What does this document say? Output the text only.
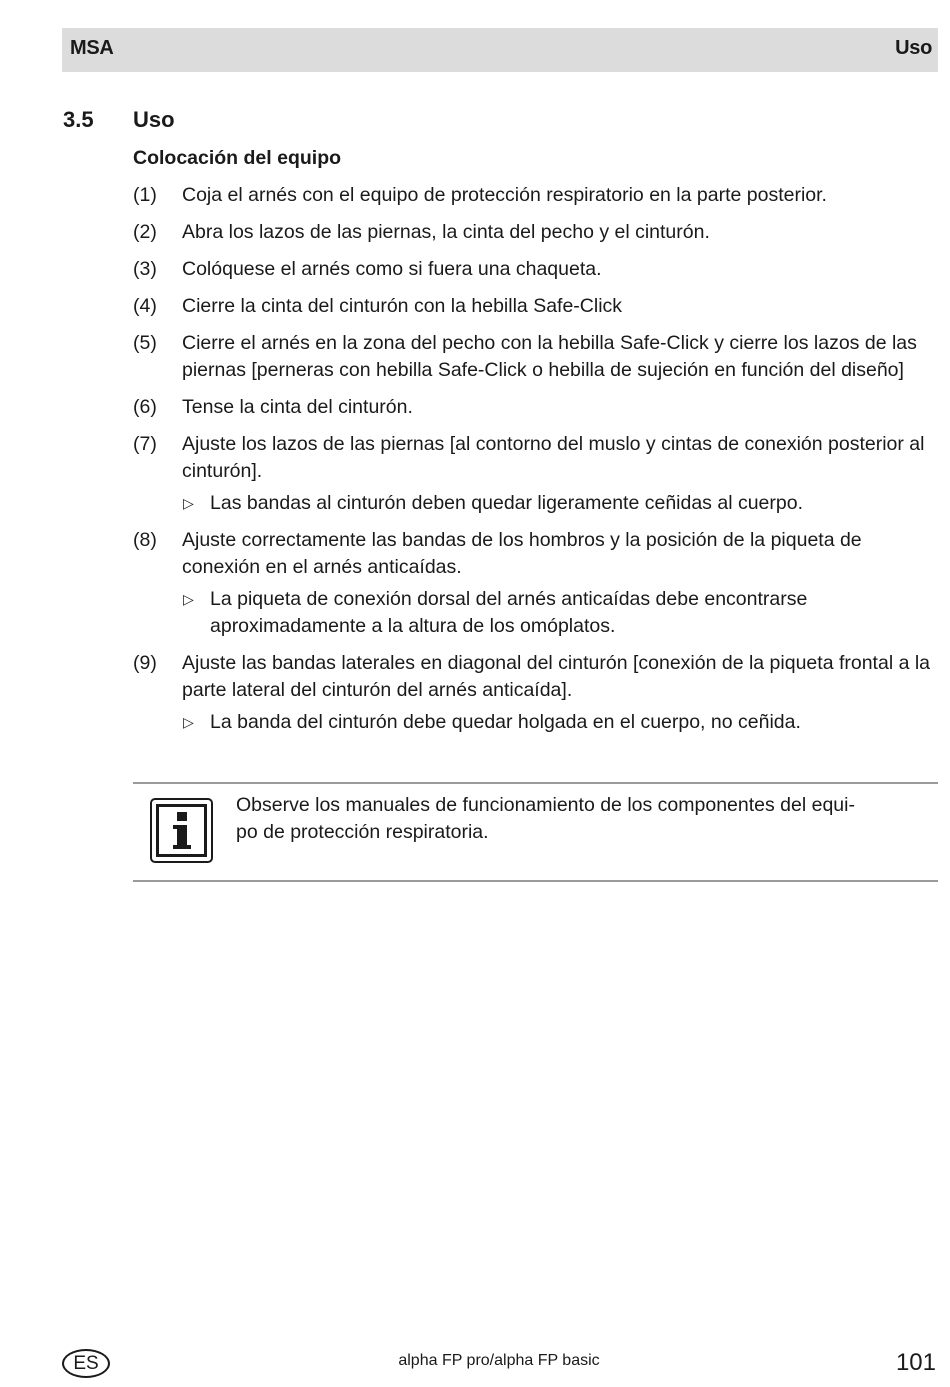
MSA	Uso
3.5 Uso
Colocación del equipo
(1)	Coja el arnés con el equipo de protección respiratorio en la parte posterior.
(2)	Abra los lazos de las piernas, la cinta del pecho y el cinturón.
(3)	Colóquese el arnés como si fuera una chaqueta.
(4)	Cierre la cinta del cinturón con la hebilla Safe-Click
(5)	Cierre el arnés en la zona del pecho con la hebilla Safe-Click y cierre los lazos de las piernas [perneras con hebilla Safe-Click o hebilla de sujeción en función del diseño]
(6)	Tense la cinta del cinturón.
(7)	Ajuste los lazos de las piernas [al contorno del muslo y cintas de conexión posterior al cinturón].
▷ Las bandas al cinturón deben quedar ligeramente ceñidas al cuerpo.
(8)	Ajuste correctamente las bandas de los hombros y la posición de la piqueta de conexión en el arnés anticaídas.
▷ La piqueta de conexión dorsal del arnés anticaídas debe encontrarse aproximadamente a la altura de los omóplatos.
(9)	Ajuste las bandas laterales en diagonal del cinturón [conexión de la piqueta frontal a la parte lateral del cinturón del arnés anticaída].
▷ La banda del cinturón debe quedar holgada en el cuerpo, no ceñida.
Observe los manuales de funcionamiento de los componentes del equi-
po de protección respiratoria.
ES	alpha FP pro/alpha FP basic	101
